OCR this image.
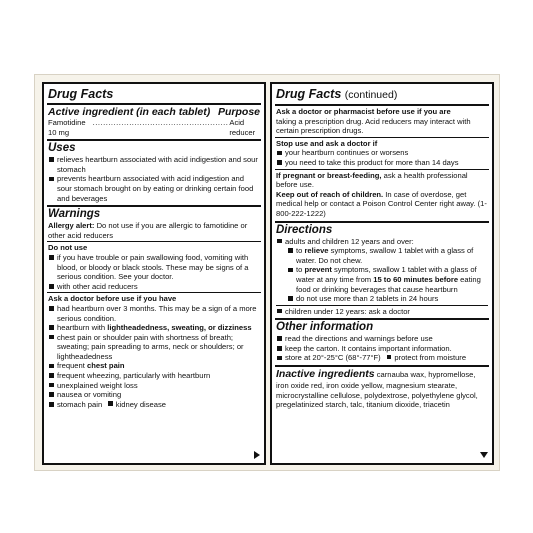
Drug Facts
Active ingredient (in each tablet) Purpose
Famotidine 10 mg
.................................................... Acid reducer
Uses
relieves heartburn associated with acid indigestion and sour stomach
prevents heartburn associated with acid indigestion and sour stomach brought on by eating or drinking certain food and beverages
Warnings
Allergy alert: Do not use if you are allergic to famotidine or other acid reducers
Do not use
if you have trouble or pain swallowing food, vomiting with blood, or bloody or black stools. These may be signs of a serious condition. See your doctor.
with other acid reducers
Ask a doctor before use if you have
had heartburn over 3 months. This may be a sign of a more serious condition.
heartburn with lightheadedness, sweating, or dizziness
chest pain or shoulder pain with shortness of breath; sweating; pain spreading to arms, neck or shoulders; or lightheadedness
frequent chest pain
frequent wheezing, particularly with heartburn
unexplained weight loss
nausea or vomiting
stomach pain kidney disease
Drug Facts (continued)
Ask a doctor or pharmacist before use if you are
taking a prescription drug. Acid reducers may interact with certain prescription drugs.
Stop use and ask a doctor if
your heartburn continues or worsens
you need to take this product for more than 14 days
If pregnant or breast-feeding, ask a health professional before use.
Keep out of reach of children. In case of overdose, get medical help or contact a Poison Control Center right away. (1-800-222-1222)
Directions
adults and children 12 years and over:
to relieve symptoms, swallow 1 tablet with a glass of water. Do not chew.
to prevent symptoms, swallow 1 tablet with a glass of water at any time from 15 to 60 minutes before eating food or drinking beverages that cause heartburn
do not use more than 2 tablets in 24 hours
children under 12 years: ask a doctor
Other information
read the directions and warnings before use
keep the carton. It contains important information.
store at 20°-25°C (68°-77°F) protect from moisture
Inactive ingredients carnauba wax, hypromellose, iron oxide red, iron oxide yellow, magnesium stearate, microcrystalline cellulose, polydextrose, polyethylene glycol, pregelatinized starch, talc, titanium dioxide, triacetin
